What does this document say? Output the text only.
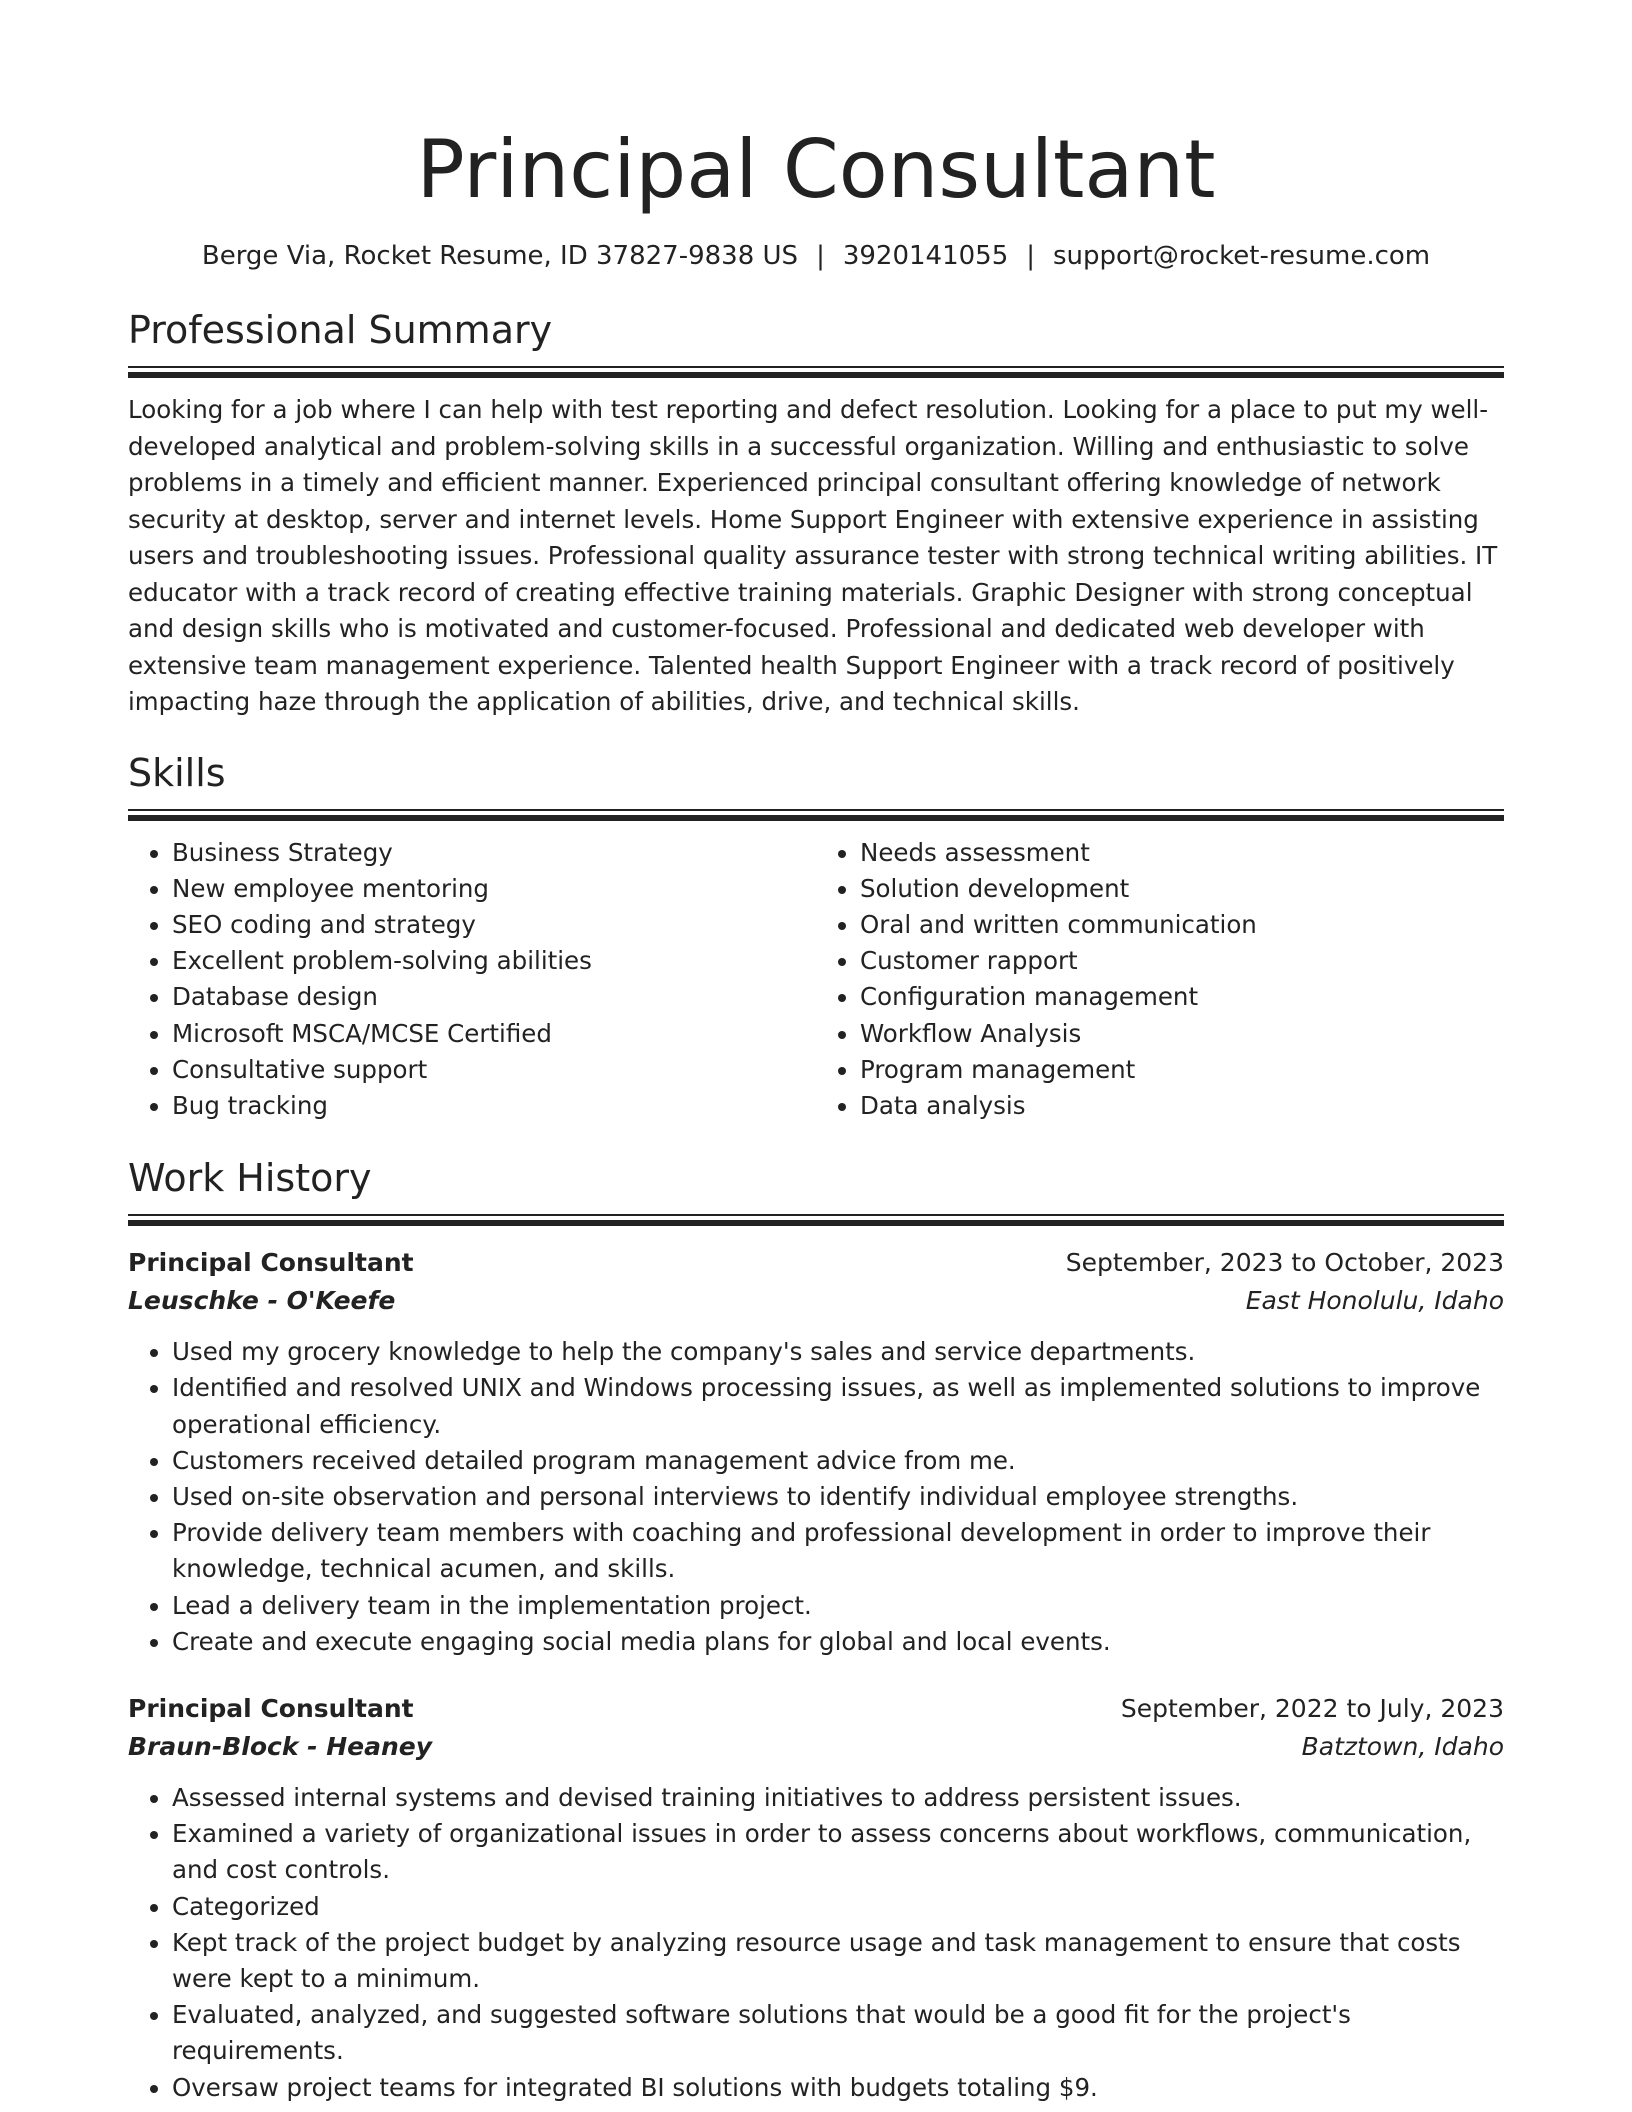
Principal Consultant
Berge Via, Rocket Resume, ID 37827-9838 US | 3920141055 | support@rocket-resume.com
Professional Summary

Looking for a job where I can help with test reporting and defect resolution. Looking for a place to put my well-developed analytical and problem-solving skills in a successful organization. Willing and enthusiastic to solve problems in a timely and efficient manner. Experienced principal consultant offering knowledge of network security at desktop, server and internet levels. Home Support Engineer with extensive experience in assisting users and troubleshooting issues. Professional quality assurance tester with strong technical writing abilities. IT educator with a track record of creating effective training materials. Graphic Designer with strong conceptual and design skills who is motivated and customer-focused. Professional and dedicated web developer with extensive team management experience. Talented health Support Engineer with a track record of positively impacting haze through the application of abilities, drive, and technical skills.

Skills
• Business Strategy
• New employee mentoring
• SEO coding and strategy
• Excellent problem-solving abilities
• Database design
• Microsoft MSCA/MCSE Certified
• Consultative support
• Bug tracking
• Needs assessment
• Solution development
• Oral and written communication
• Customer rapport
• Configuration management
• Workflow Analysis
• Program management
• Data analysis
Work History
Principal Consultant	September, 2023 to October, 2023
Leuschke - O'Keefe	East Honolulu, Idaho
• Used my grocery knowledge to help the company's sales and service departments.
• Identified and resolved UNIX and Windows processing issues, as well as implemented solutions to improve operational efficiency.
• Customers received detailed program management advice from me.
• Used on-site observation and personal interviews to identify individual employee strengths.
• Provide delivery team members with coaching and professional development in order to improve their knowledge, technical acumen, and skills.
• Lead a delivery team in the implementation project.
• Create and execute engaging social media plans for global and local events.
Principal Consultant	September, 2022 to July, 2023
Braun-Block - Heaney	Batztown, Idaho
• Assessed internal systems and devised training initiatives to address persistent issues.
• Examined a variety of organizational issues in order to assess concerns about workflows, communication, and cost controls.
• Categorized
• Kept track of the project budget by analyzing resource usage and task management to ensure that costs were kept to a minimum.
• Evaluated, analyzed, and suggested software solutions that would be a good fit for the project's requirements.
• Oversaw project teams for integrated BI solutions with budgets totaling $9.
